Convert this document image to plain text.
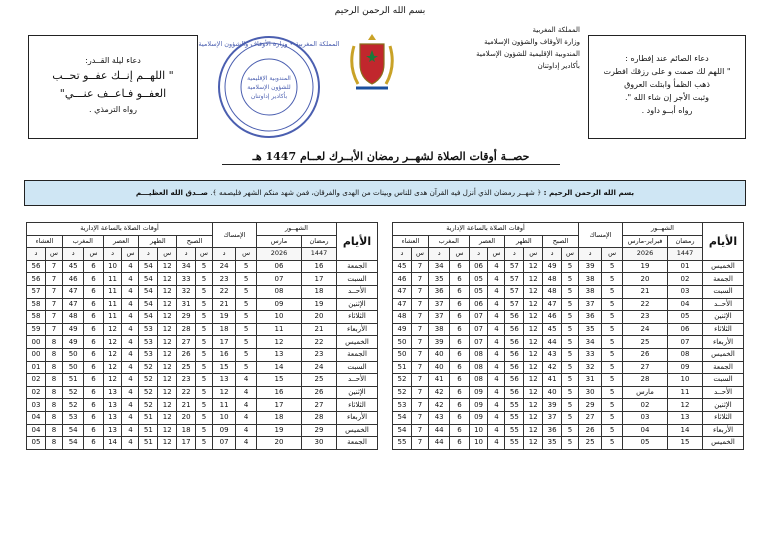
بسم الله الرحمن الرحيم
المملكة المغربية
وزارة الأوقاف والشؤون الإسلامية
المندوبية الإقليمية للشؤون الإسلامية
بأكادير إداوتنان
المملكة المغربية • وزارة الأوقاف والشؤون الإسلامية
المندوبية الإقليمية
للشؤون الإسلامية
بأكادير إداوتنان
دعاء الصائم عند إفطاره :
" اللهم لك صمت و على رزقك افطرت
ذهب الظمأ وابتلت العروق
وثبت الأجر إن شاء الله ".
رواه أبــو داود .
دعاء ليلة القــدر:
" اللهــم إنــك عفــو تحــب
العفــو فـاعــف عنـــي"
رواه الترمذي .
حصــة أوقات الصلاة لشهــر رمضان الأبــرك لعــام 1447 هـ
بسم الله الرحمن الرحيم : ﴿ شهــر رمضان الذي أنزل فيه القرآن هدى للناس وبينات من الهدى والفرقان، فمن شهد منكم الشهر فليصمه ﴾. صــدق الله العظيـــم
الأيام	الشهــور		الإمساك		أوقات الصلاة بالساعة الإدارية									
	رمضان	فبراير-مارس			الصبح		الظهر		العصر		المغرب		العشاء	
	1447	2026	س	د	س	د	س	د	س	د	س	د	س	د
الخميس	01	19	5	39	5	49	12	57	4	06	6	34	7	45
الجمعة	02	20	5	38	5	48	12	57	4	05	6	35	7	46
السبت	03	21	5	38	5	48	12	57	4	05	6	36	7	47
الأحــد	04	22	5	37	5	47	12	57	4	06	6	37	7	47
الإثنين	05	23	5	36	5	46	12	56	4	07	6	37	7	48
الثلاثاء	06	24	5	35	5	45	12	56	4	07	6	38	7	49
الأربعاء	07	25	5	34	5	44	12	56	4	07	6	39	7	50
الخميس	08	26	5	33	5	43	12	56	4	08	6	40	7	50
الجمعة	09	27	5	32	5	42	12	56	4	08	6	40	7	51
السبت	10	28	5	31	5	41	12	56	4	08	6	41	7	52
الأحــد	11	مارس	5	30	5	40	12	56	4	09	6	42	7	52
الإثنين	12	02	5	29	5	39	12	55	4	09	6	42	7	53
الثلاثاء	13	03	5	27	5	37	12	55	4	09	6	43	7	54
الأربعاء	14	04	5	26	5	36	12	55	4	10	6	44	7	54
الخميس	15	05	5	25	5	35	12	55	4	10	6	44	7	55
الأيام	الشهــور		الإمساك		أوقات الصلاة بالساعة الإدارية									
	رمضان	مارس			الصبح		الظهر		العصر		المغرب		العشاء	
	1447	2026	س	د	س	د	س	د	س	د	س	د	س	د
الجمعة	16	06	5	24	5	34	12	54	4	10	6	45	7	56
السبت	17	07	5	23	5	33	12	54	4	11	6	46	7	56
الأحــد	18	08	5	22	5	32	12	54	4	11	6	47	7	57
الإثنين	19	09	5	21	5	31	12	54	4	11	6	47	7	58
الثلاثاء	20	10	5	19	5	29	12	54	4	11	6	48	7	58
الأربعاء	21	11	5	18	5	28	12	53	4	12	6	49	7	59
الخميس	22	12	5	17	5	27	12	53	4	12	6	49	8	00
الجمعة	23	13	5	16	5	26	12	53	4	12	6	50	8	00
السبت	24	14	5	15	5	25	12	52	4	12	6	50	8	01
الأحــد	25	15	4	13	5	23	12	52	4	12	6	51	8	02
الإثنين	26	16	4	12	5	22	12	52	4	13	6	52	8	02
الثلاثاء	27	17	4	11	5	21	12	52	4	13	6	52	8	03
الأربعاء	28	18	4	10	5	20	12	51	4	13	6	53	8	04
الخميس	29	19	4	09	5	18	12	51	4	13	6	54	8	04
الجمعة	30	20	4	07	5	17	12	51	4	14	6	54	8	05
